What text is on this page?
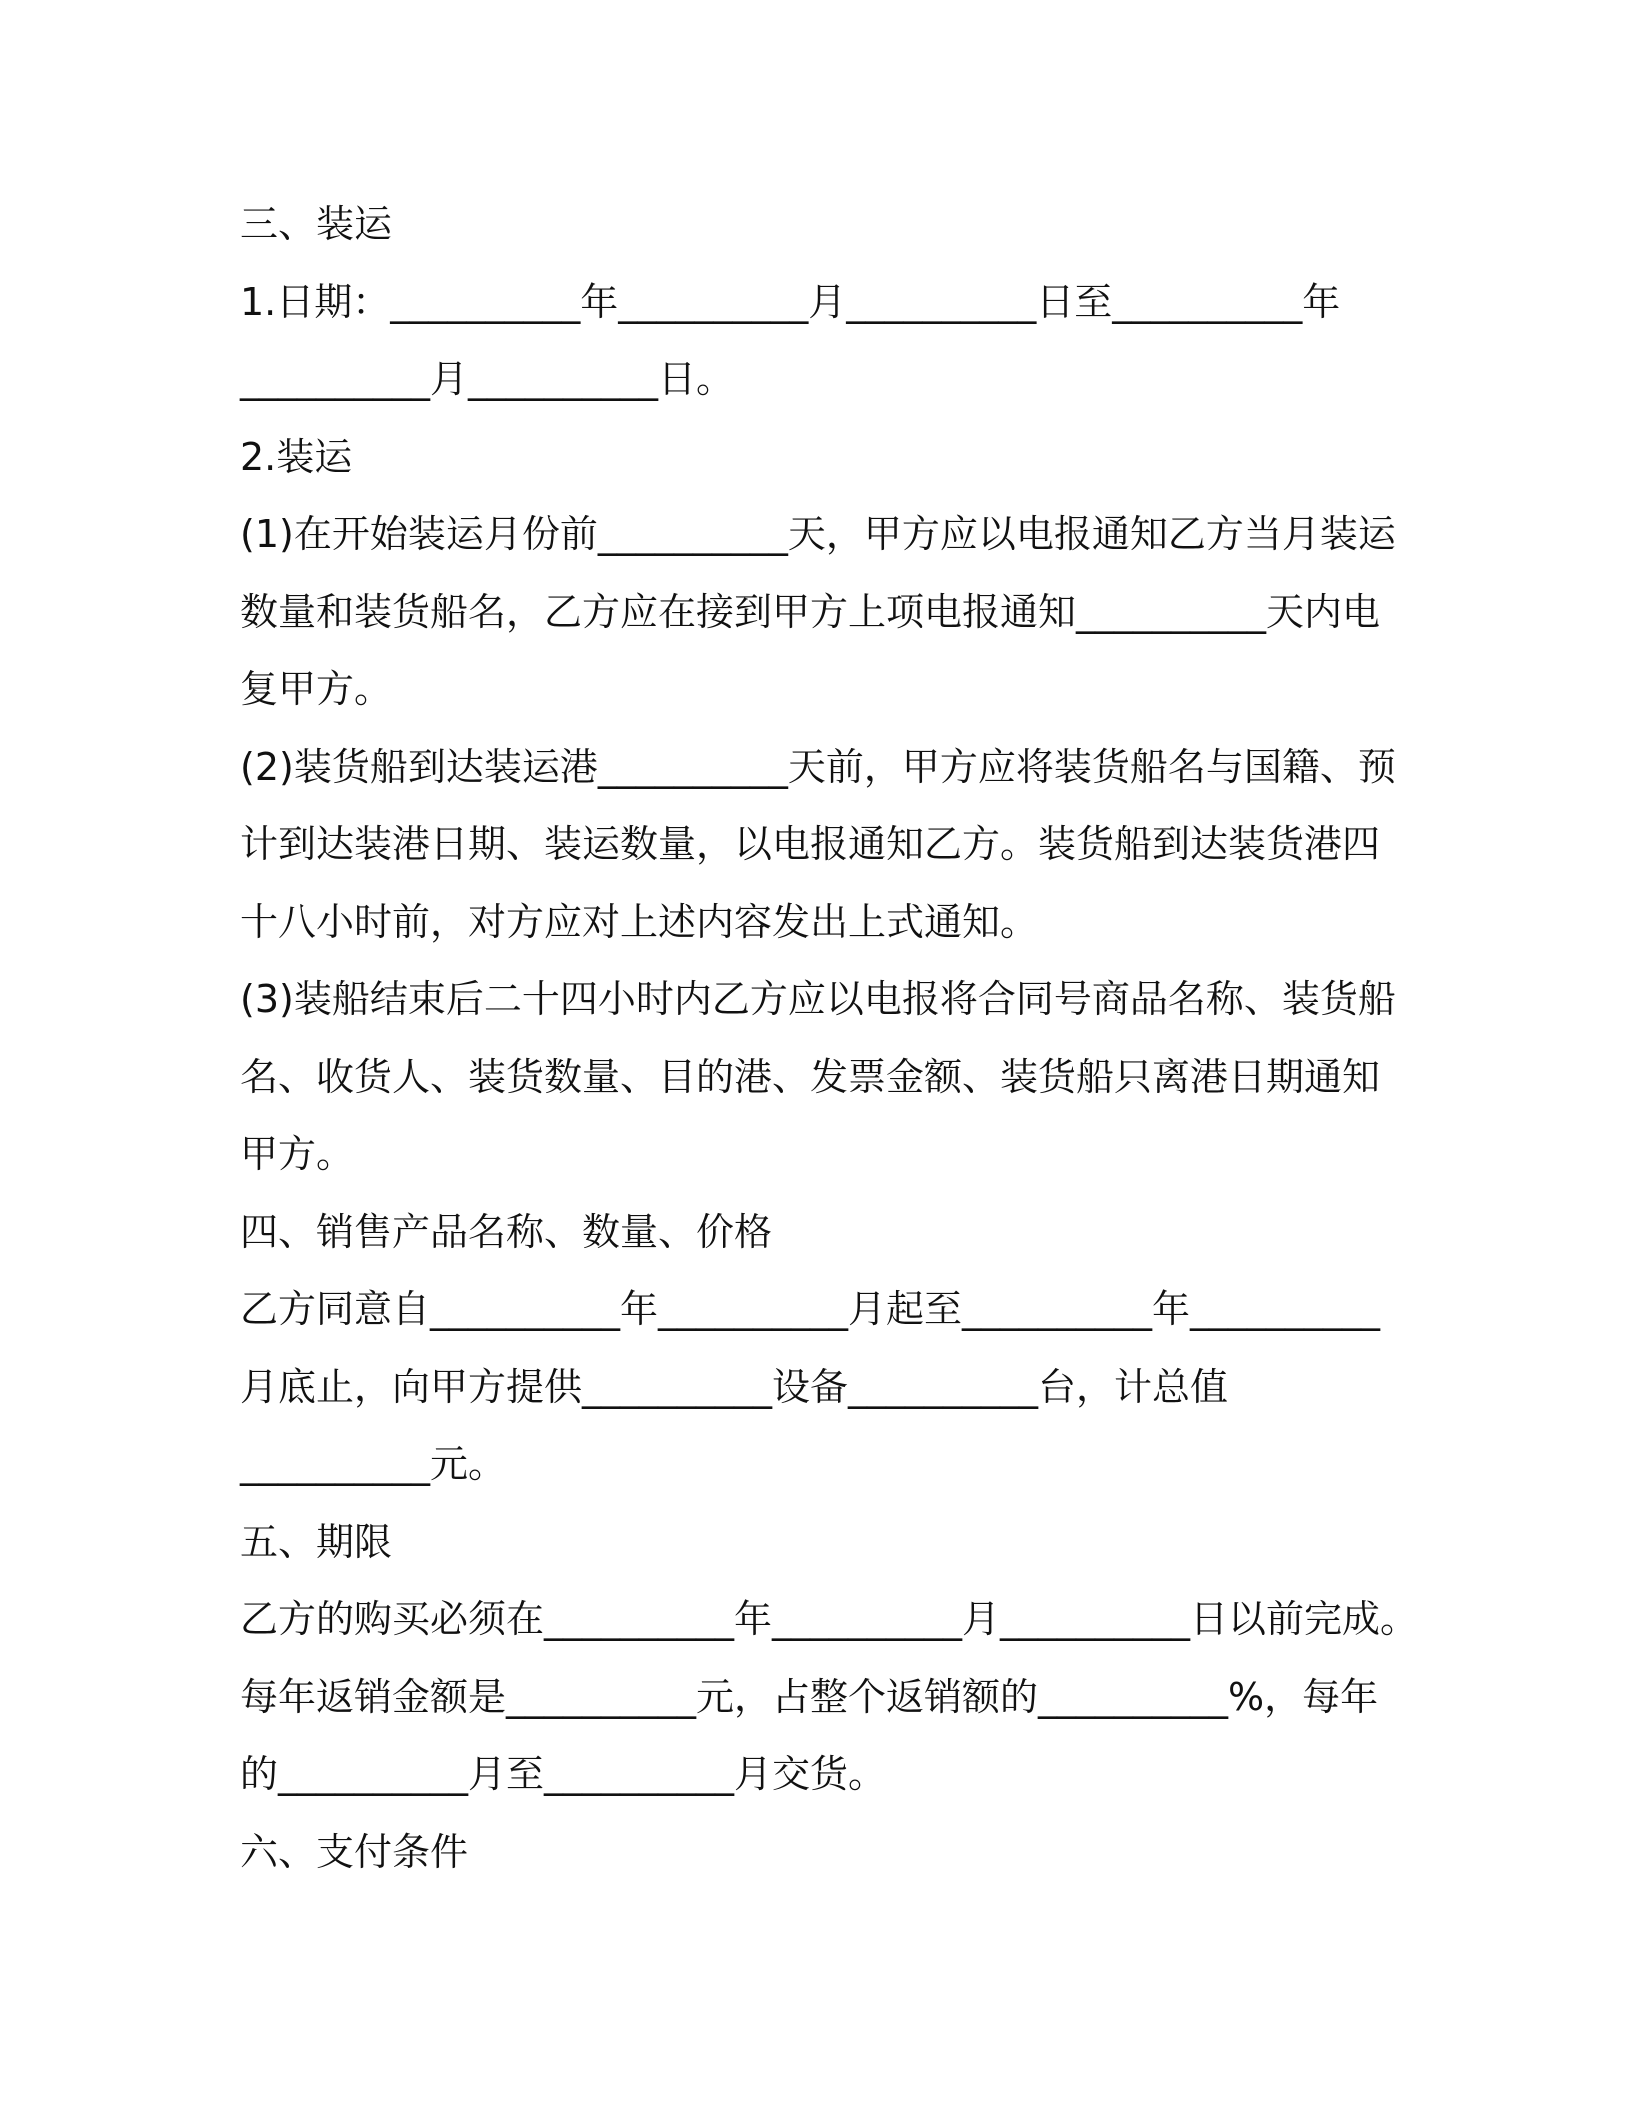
三、装运
1.日期：__________年__________月__________日至__________年
__________月__________日。
2.装运
(1)在开始装运月份前__________天，甲方应以电报通知乙方当月装运
数量和装货船名，乙方应在接到甲方上项电报通知__________天内电
复甲方。
(2)装货船到达装运港__________天前，甲方应将装货船名与国籍、预
计到达装港日期、装运数量，以电报通知乙方。装货船到达装货港四
十八小时前，对方应对上述内容发出上式通知。
(3)装船结束后二十四小时内乙方应以电报将合同号商品名称、装货船
名、收货人、装货数量、目的港、发票金额、装货船只离港日期通知
甲方。
四、销售产品名称、数量、价格
乙方同意自__________年__________月起至__________年__________
月底止，向甲方提供__________设备__________台，计总值
__________元。
五、期限
乙方的购买必须在__________年__________月__________日以前完成。
每年返销金额是__________元，占整个返销额的__________%，每年
的__________月至__________月交货。
六、支付条件
